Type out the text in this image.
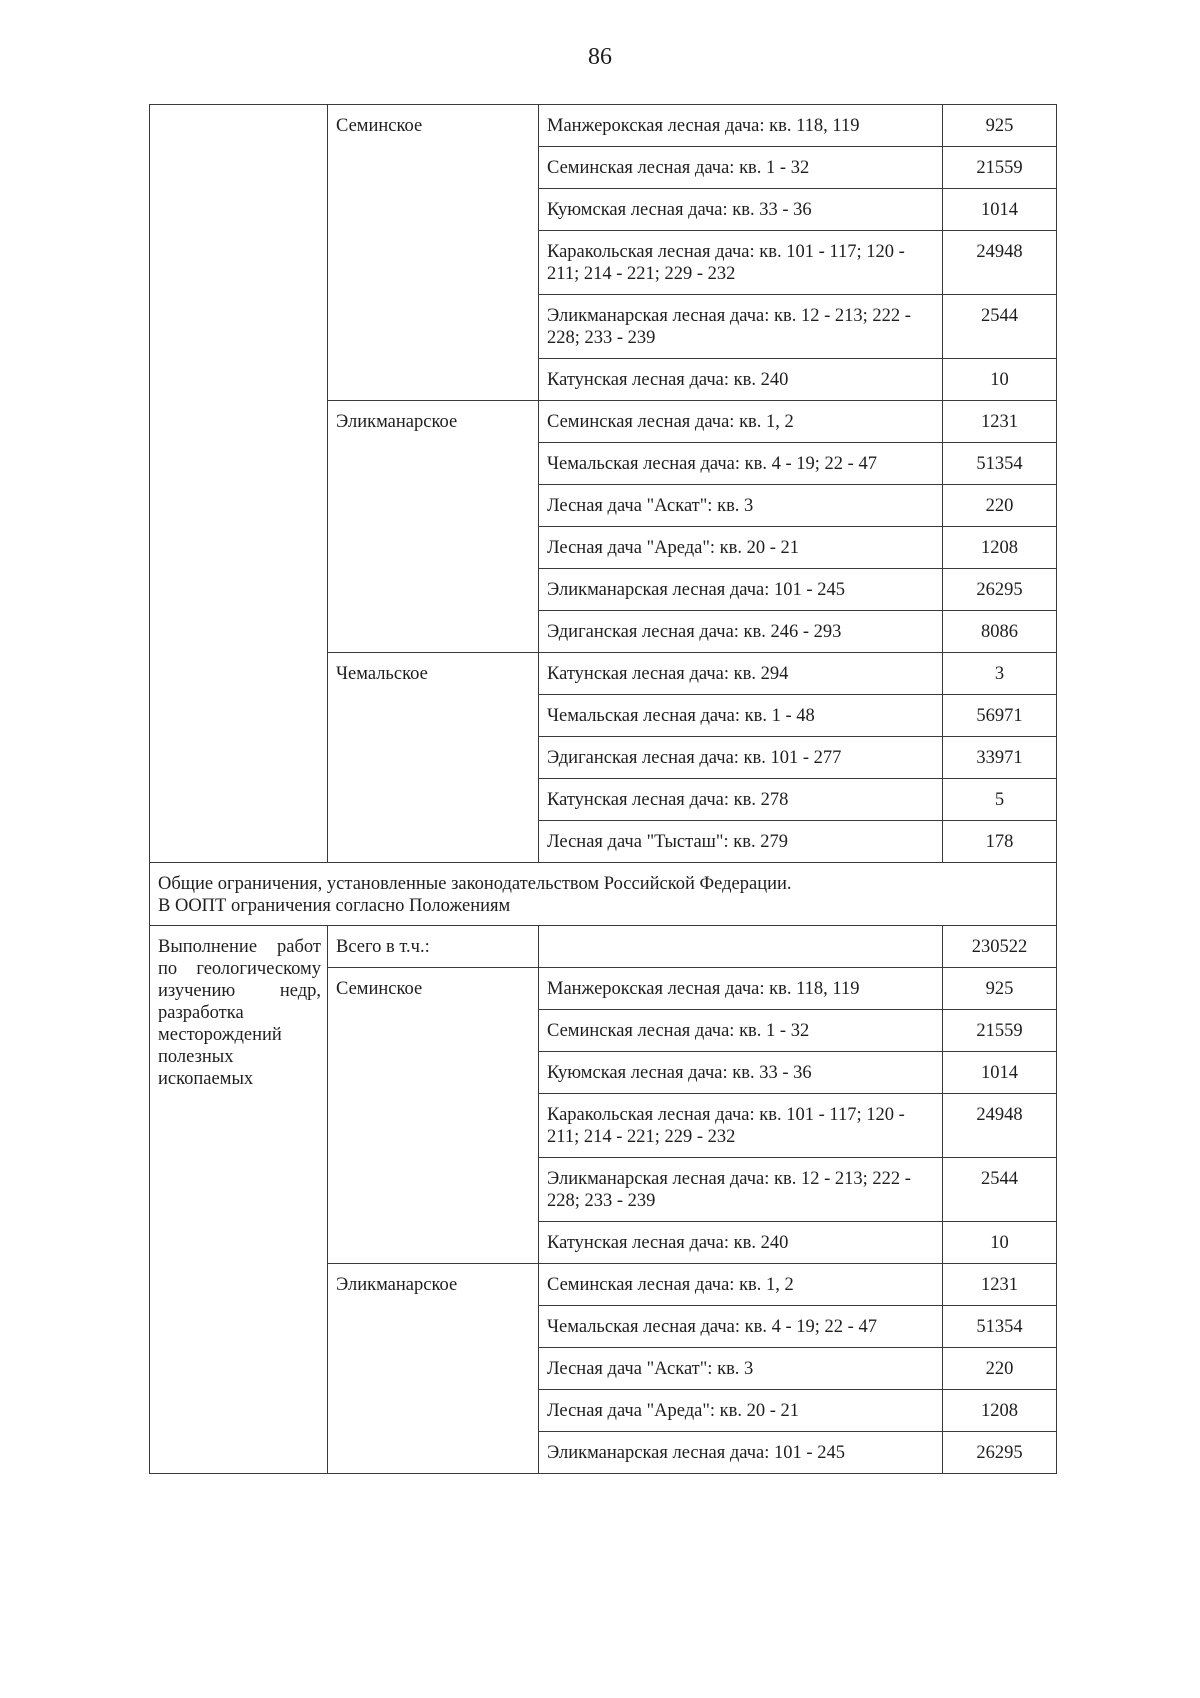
86
	Семинское	Манжерокская лесная дача: кв. 118, 119	925
		Семинская лесная дача: кв. 1 - 32	21559
		Куюмская лесная дача: кв. 33 - 36	1014
		Каракольская лесная дача: кв. 101 - 117; 120 - 211; 214 - 221; 229 - 232	24948
		Эликманарская лесная дача: кв. 12 - 213; 222 - 228; 233 - 239	2544
		Катунская лесная дача: кв. 240	10
	Эликманарское	Семинская лесная дача: кв. 1, 2	1231
		Чемальская лесная дача: кв. 4 - 19; 22 - 47	51354
		Лесная дача "Аскат": кв. 3	220
		Лесная дача "Ареда": кв. 20 - 21	1208
		Эликманарская лесная дача: 101 - 245	26295
		Эдиганская лесная дача: кв. 246 - 293	8086
	Чемальское	Катунская лесная дача: кв. 294	3
		Чемальская лесная дача: кв. 1 - 48	56971
		Эдиганская лесная дача: кв. 101 - 277	33971
		Катунская лесная дача: кв. 278	5
		Лесная дача "Тысташ": кв. 279	178

Общие ограничения, установленные законодательством Российской Федерации.
В ООПТ ограничения согласно Положениям			

Выполнение работ по геологическому изучению недр, разработка месторождений полезных ископаемых	Всего в т.ч.:		230522
	Семинское	Манжерокская лесная дача: кв. 118, 119	925
		Семинская лесная дача: кв. 1 - 32	21559
		Куюмская лесная дача: кв. 33 - 36	1014
		Каракольская лесная дача: кв. 101 - 117; 120 - 211; 214 - 221; 229 - 232	24948
		Эликманарская лесная дача: кв. 12 - 213; 222 - 228; 233 - 239	2544
		Катунская лесная дача: кв. 240	10
	Эликманарское	Семинская лесная дача: кв. 1, 2	1231
		Чемальская лесная дача: кв. 4 - 19; 22 - 47	51354
		Лесная дача "Аскат": кв. 3	220
		Лесная дача "Ареда": кв. 20 - 21	1208
		Эликманарская лесная дача: 101 - 245	26295
